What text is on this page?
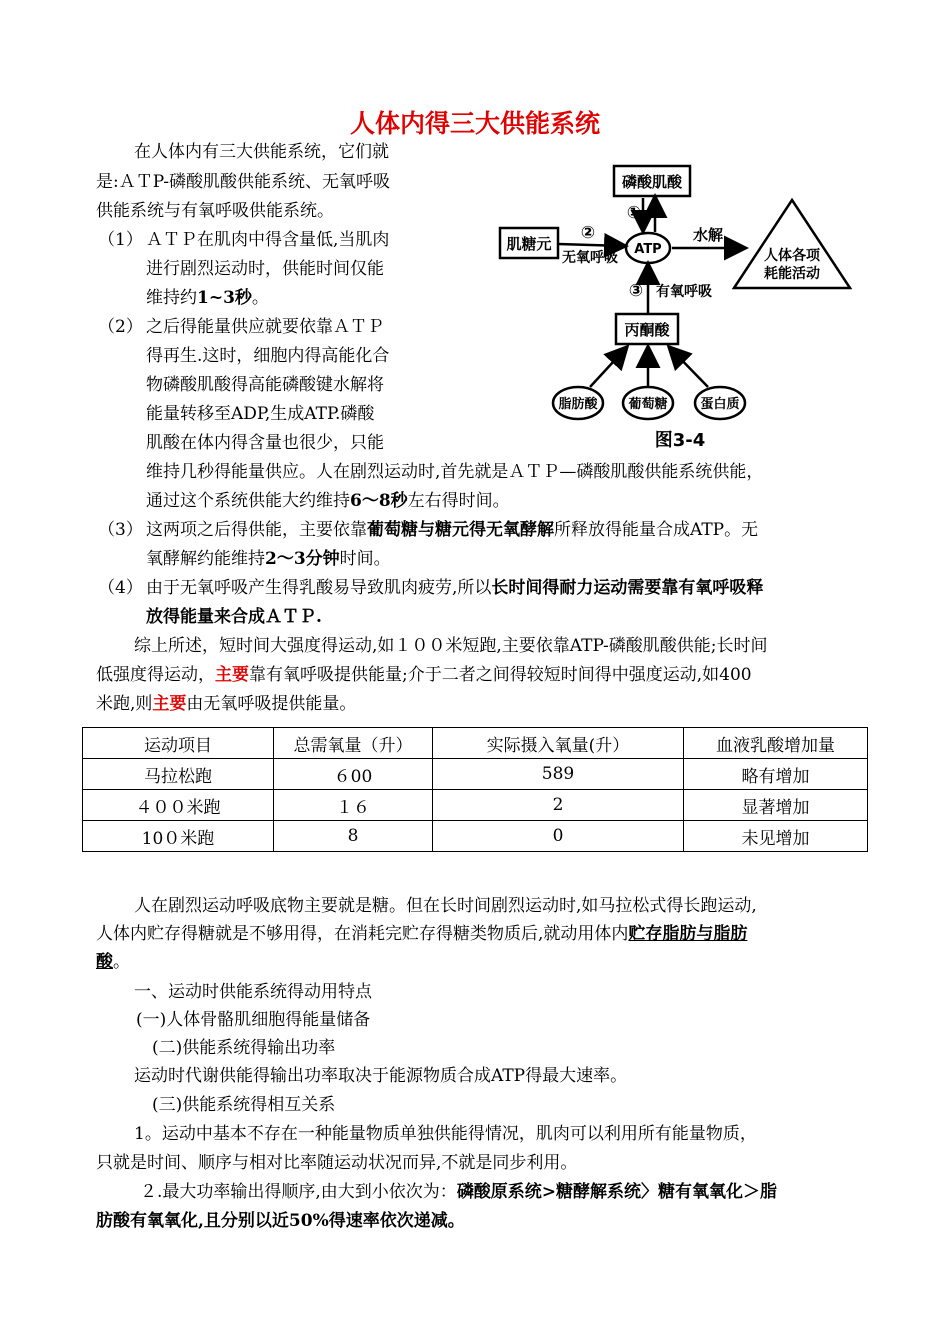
人体内得三大供能系统
在人体内有三大供能系统，它们就
是:ＡＴP-磷酸肌酸供能系统、无氧呼吸
供能系统与有氧呼吸供能系统。
（1） ＡＴＰ在肌肉中得含量低,当肌肉
进行剧烈运动时，供能时间仅能
维持约1~3秒。
（2） 之后得能量供应就要依靠ＡＴＰ
得再生.这时，细胞内得高能化合
物磷酸肌酸得高能磷酸键水解将
能量转移至ADP,生成ATP.磷酸
肌酸在体内得含量也很少，只能
维持几秒得能量供应。人在剧烈运动时,首先就是ＡＴＰ—磷酸肌酸供能系统供能，
通过这个系统供能大约维持6～8秒左右得时间。
（3） 这两项之后得供能，主要依靠葡萄糖与糖元得无氧酵解所释放得能量合成ATP。无
氧酵解约能维持2～3分钟时间。
（4） 由于无氧呼吸产生得乳酸易导致肌肉疲劳,所以长时间得耐力运动需要靠有氧呼吸释
放得能量来合成ＡＴＰ.
综上所述，短时间大强度得运动,如１００米短跑,主要依靠ATP-磷酸肌酸供能;长时间
低强度得运动，主要靠有氧呼吸提供能量;介于二者之间得较短时间得中强度运动,如400
米跑,则主要由无氧呼吸提供能量。
运动项目	总需氧量（升）	实际摄入氧量(升）	血液乳酸增加量
马拉松跑	６00	589	略有增加
４００米跑	１６	2	显著增加
10０米跑	8	0	未见增加
人在剧烈运动呼吸底物主要就是糖。但在长时间剧烈运动时,如马拉松式得长跑运动,
人体内贮存得糖就是不够用得，在消耗完贮存得糖类物质后,就动用体内贮存脂肪与脂肪
酸。
一、运动时供能系统得动用特点
(一)人体骨骼肌细胞得能量储备
(二)供能系统得输出功率
运动时代谢供能得输出功率取决于能源物质合成ATP得最大速率。
(三)供能系统得相互关系
1。运动中基本不存在一种能量物质单独供能得情况，肌肉可以利用所有能量物质，
只就是时间、顺序与相对比率随运动状况而异,不就是同步利用。
２.最大功率输出得顺序,由大到小依次为：磷酸原系统>糖酵解系统〉糖有氧氧化＞脂
肪酸有氧氧化,且分别以近50%得速率依次递减。
磷酸肌酸
肌糖元	ATP
水解
人体各项
耗能活动
①
②
无氧呼吸
③ 有氧呼吸
丙酮酸
脂肪酸 葡萄糖	蛋白质
图3-4
